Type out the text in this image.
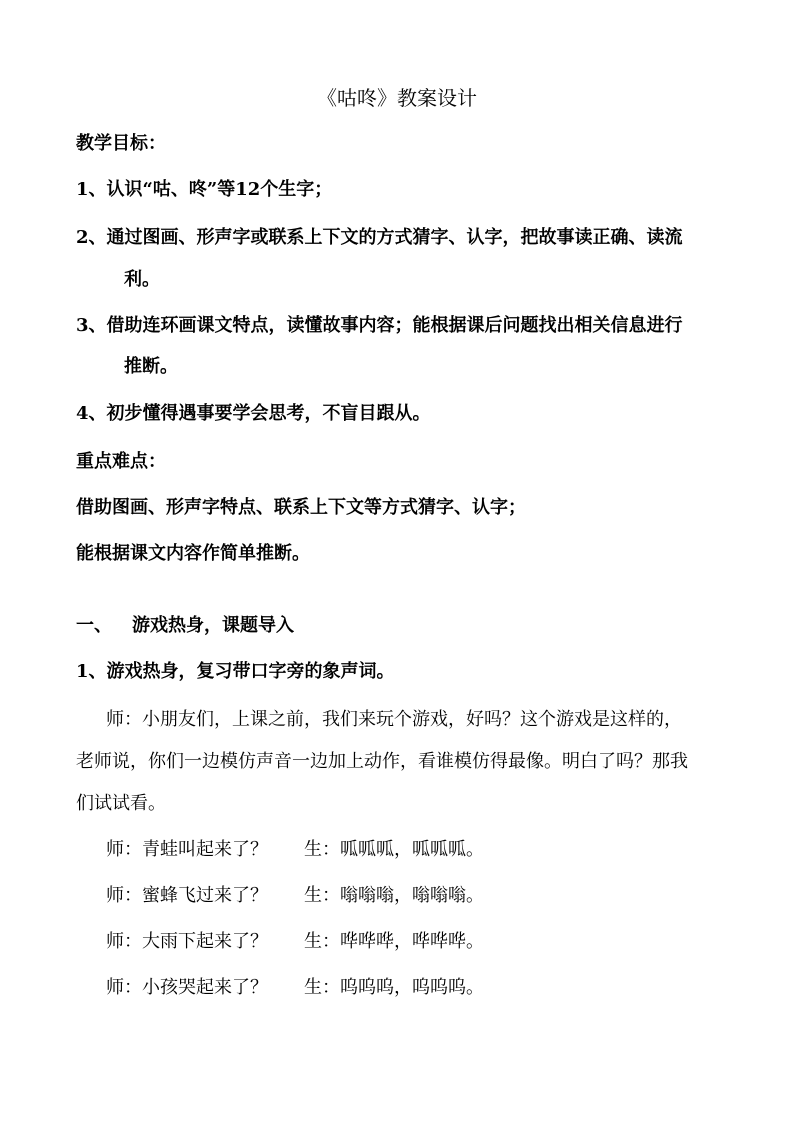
《咕咚》教案设计
教学目标：
1、认识“咕、咚”等12个生字；
2、通过图画、形声字或联系上下文的方式猜字、认字，把故事读正确、读流
利。
3、借助连环画课文特点，读懂故事内容；能根据课后问题找出相关信息进行
推断。
4、初步懂得遇事要学会思考，不盲目跟从。
重点难点：
借助图画、形声字特点、联系上下文等方式猜字、认字；
能根据课文内容作简单推断。
一、 游戏热身，课题导入
1、游戏热身，复习带口字旁的象声词。
师：小朋友们，上课之前，我们来玩个游戏，好吗？这个游戏是这样的，
老师说，你们一边模仿声音一边加上动作，看谁模仿得最像。明白了吗？那我
们试试看。
师：青蛙叫起来了？ 生：呱呱呱，呱呱呱。
师：蜜蜂飞过来了？ 生：嗡嗡嗡，嗡嗡嗡。
师：大雨下起来了？ 生：哗哗哗，哗哗哗。
师：小孩哭起来了？ 生：呜呜呜，呜呜呜。
